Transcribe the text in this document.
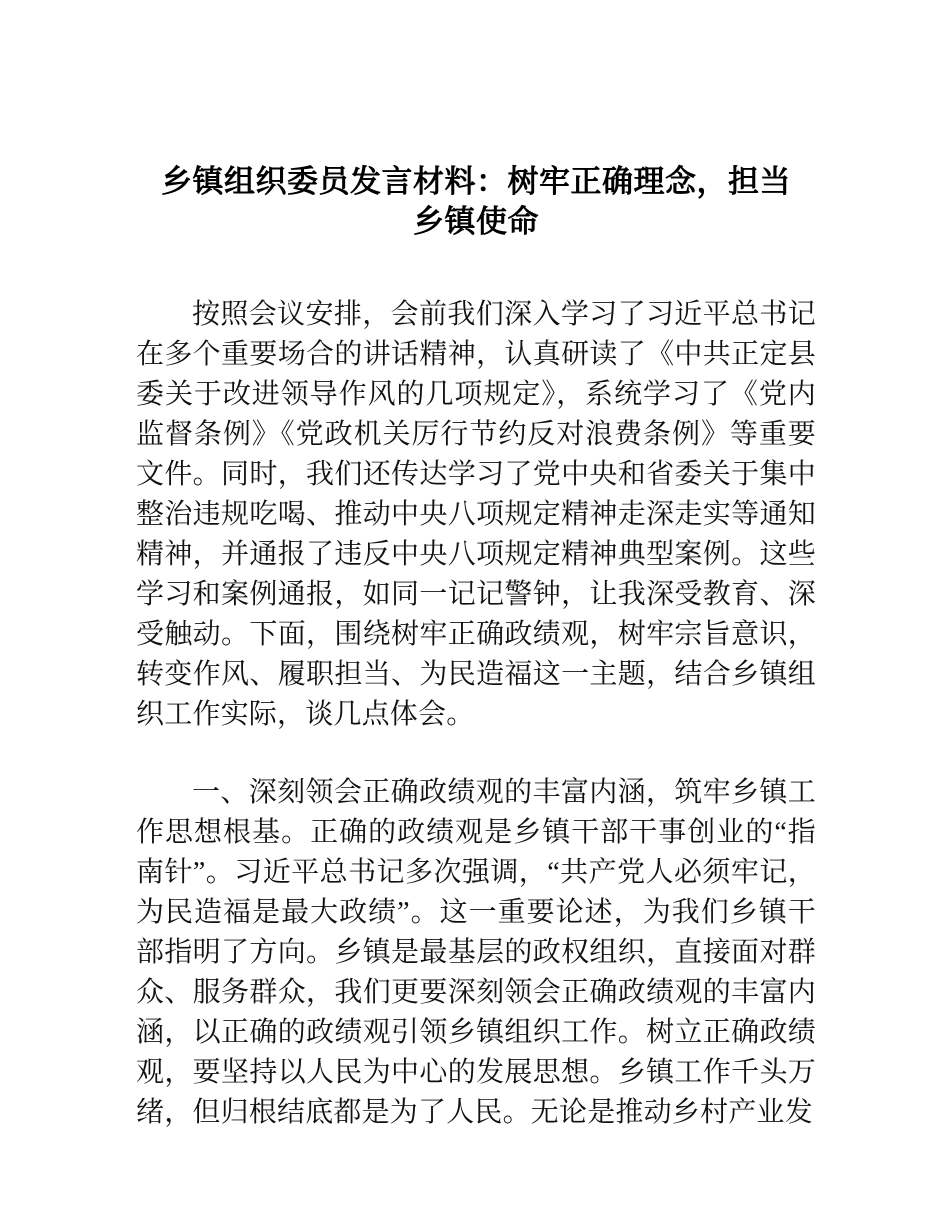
乡镇组织委员发言材料：树牢正确理念，担当
乡镇使命

按照会议安排，会前我们深入学习了习近平总书记在多个重要场合的讲话精神，认真研读了《中共正定县委关于改进领导作风的几项规定》，系统学习了《党内监督条例》《党政机关厉行节约反对浪费条例》等重要文件。同时，我们还传达学习了党中央和省委关于集中整治违规吃喝、推动中央八项规定精神走深走实等通知精神，并通报了违反中央八项规定精神典型案例。这些学习和案例通报，如同一记记警钟，让我深受教育、深受触动。下面，围绕树牢正确政绩观，树牢宗旨意识，转变作风、履职担当、为民造福这一主题，结合乡镇组织工作实际，谈几点体会。

一、深刻领会正确政绩观的丰富内涵，筑牢乡镇工作思想根基。正确的政绩观是乡镇干部干事创业的“指南针”。习近平总书记多次强调，“共产党人必须牢记，为民造福是最大政绩”。这一重要论述，为我们乡镇干部指明了方向。乡镇是最基层的政权组织，直接面对群众、服务群众，我们更要深刻领会正确政绩观的丰富内涵，以正确的政绩观引领乡镇组织工作。树立正确政绩观，要坚持以人民为中心的发展思想。乡镇工作千头万绪，但归根结底都是为了人民。无论是推动乡村产业发
